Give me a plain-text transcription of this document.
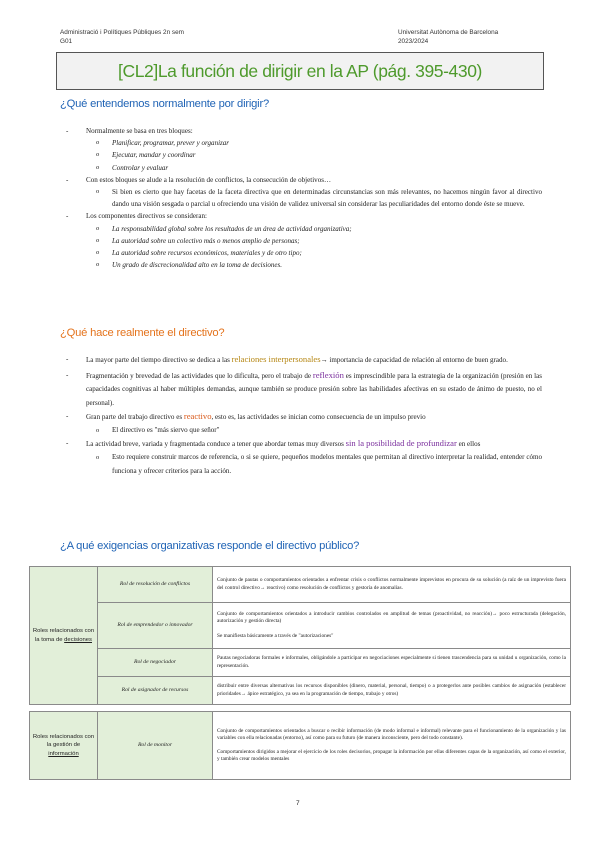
Administració i Polítiques Públiques 2n sem
G01
Universitat Autònoma de Barcelona
2023/2024
[CL2]La función de dirigir en la AP (pág. 395-430)
¿Qué entendemos normalmente por dirigir?
- Normalmente se basa en tres bloques:
o Planificar, programar, prever y organizar
o Ejecutar, mandar y coordinar
o Controlar y evaluar
- Con estos bloques se alude a la resolución de conflictos, la consecución de objetivos…
o Si bien es cierto que hay facetas de la faceta directiva que en determinadas circunstancias son más relevantes, no hacemos ningún favor al directivo dando una visión sesgada o parcial u ofreciendo una visión de validez universal sin considerar las peculiaridades del entorno donde éste se mueve.
- Los componentes directivos se consideran:
o La responsabilidad global sobre los resultados de un área de actividad organizativa;
o La autoridad sobre un colectivo más o menos amplio de personas;
o La autoridad sobre recursos económicos, materiales y de otro tipo;
o Un grado de discrecionalidad alto en la toma de decisiones.
¿Qué hace realmente el directivo?
- La mayor parte del tiempo directivo se dedica a las relaciones interpersonales→ importancia de capacidad de relación al entorno de buen grado.
- Fragmentación y brevedad de las actividades que lo dificulta, pero el trabajo de reflexión es imprescindible para la estrategia de la organización (presión en las capacidades cognitivas al haber múltiples demandas, aunque también se produce presión sobre las habilidades afectivas en su estado de ánimo de puesto, no el personal).
- Gran parte del trabajo directivo es reactivo, esto es, las actividades se inician como consecuencia de un impulso previo
o El directivo es "más siervo que señor"
- La actividad breve, variada y fragmentada conduce a tener que abordar temas muy diversos sin la posibilidad de profundizar en ellos
o Esto requiere construir marcos de referencia, o si se quiere, pequeños modelos mentales que permitan al directivo interpretar la realidad, entender cómo funciona y ofrecer criterios para la acción.
¿A qué exigencias organizativas responde el directivo público?
Roles relacionados con la toma de decisiones	Rol de resolución de conflictos	Conjunto de pautas o comportamientos orientados a enfrentar crisis o conflictos normalmente imprevistos en procura de su solución (a raíz de un imprevisto fuera del control directivo→ reactivo) como resolución de conflictos y gestoría de anomalías.
	Rol de emprendedor o innovador	Conjunto de comportamientos orientados a introducir cambios controlados en amplitud de temas (proactividad, no reacción)→ poco estructurada (delegación, autorización y gestión directa)

Se manifiesta básicamente a través de "autorizaciones"

	Rol de negociador	Pautas negociadoras formales e informales, obligándole a participar en negociaciones especialmente si tienen trascendencia para su unidad u organización, como la representación.
	Rol de asignador de recursos	distribuir entre diversas alternativas los recursos disponibles (dinero, material, personal, tiempo) o a protegerlos ante posibles cambios de asignación (establecer prioridades→ ápice estratégico, ya sea en la programación de tiempo, trabajo y otros)

Roles relacionados con la gestión de información	Rol de monitor	Conjunto de comportamientos orientados a buscar o recibir información (de modo informal e informal) relevante para el funcionamiento de la organización y las variables con ella relacionadas (entorno), así como para su futuro (de manera inconsciente, pero del todo constante).

Comportamientos dirigidos a mejorar el ejercicio de los roles decisorios, propagar la información por ellas diferentes capas de la organización, así como el exterior, y también crear modelos mentales

7
